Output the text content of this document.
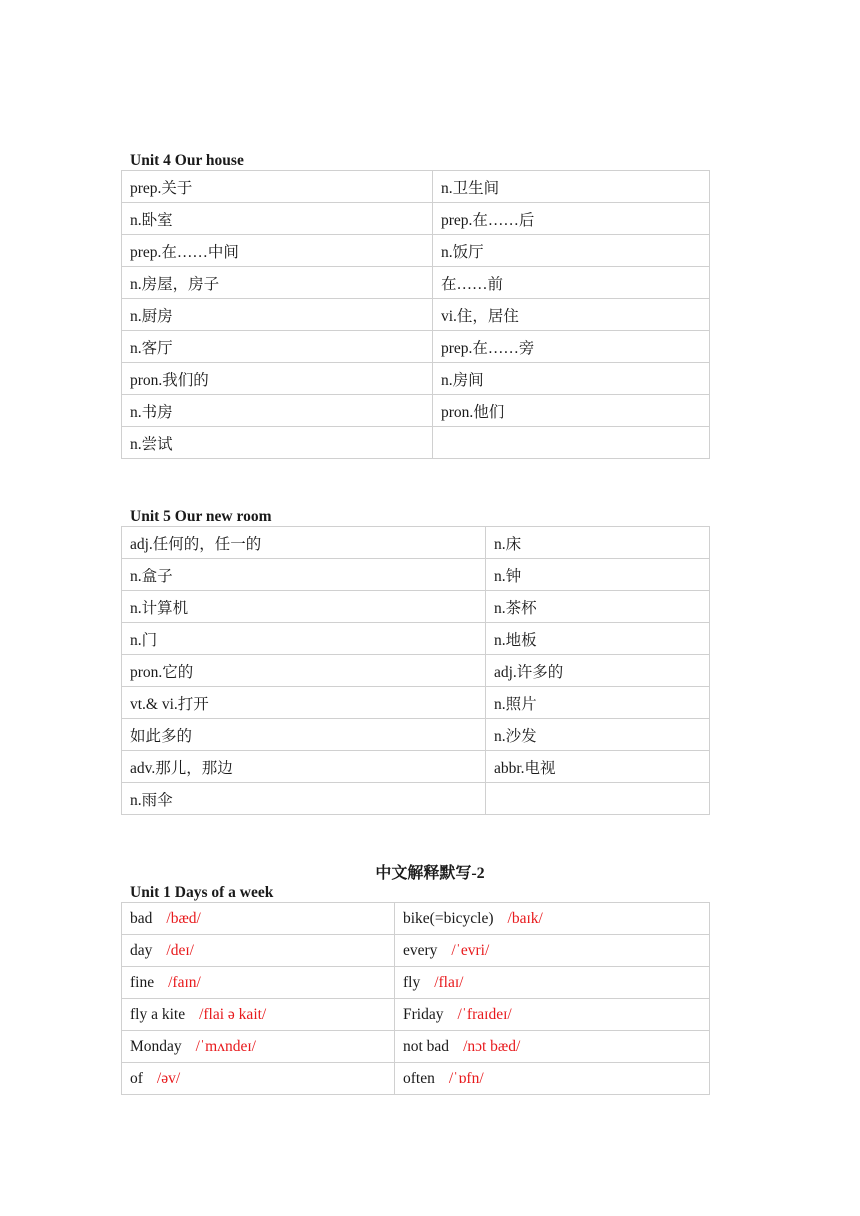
Unit 4 Our house
prep.关于	n.卫生间
n.卧室	prep.在……后
prep.在……中间	n.饭厅
n.房屋，房子	在……前
n.厨房	vi.住，居住
n.客厅	prep.在……旁
pron.我们的	n.房间
n.书房	pron.他们
n.尝试	
Unit 5 Our new room
adj.任何的，任一的	n.床
n.盒子	n.钟
n.计算机	n.茶杯
n.门	n.地板
pron.它的	adj.许多的
vt.& vi.打开	n.照片
如此多的	n.沙发
adv.那儿，那边	abbr.电视
n.雨伞	
中文解释默写-2
Unit 1 Days of a week
bad /bæd/	bike(=bicycle) /baɪk/
day /deɪ/	every /ˈevri/
fine /faɪn/	fly /flaɪ/
fly a kite /flai ə kait/	Friday /ˈfraɪdeɪ/
Monday /ˈmʌndeɪ/	not bad /nɔt bæd/
of /əv/	often /ˈɒfn/
